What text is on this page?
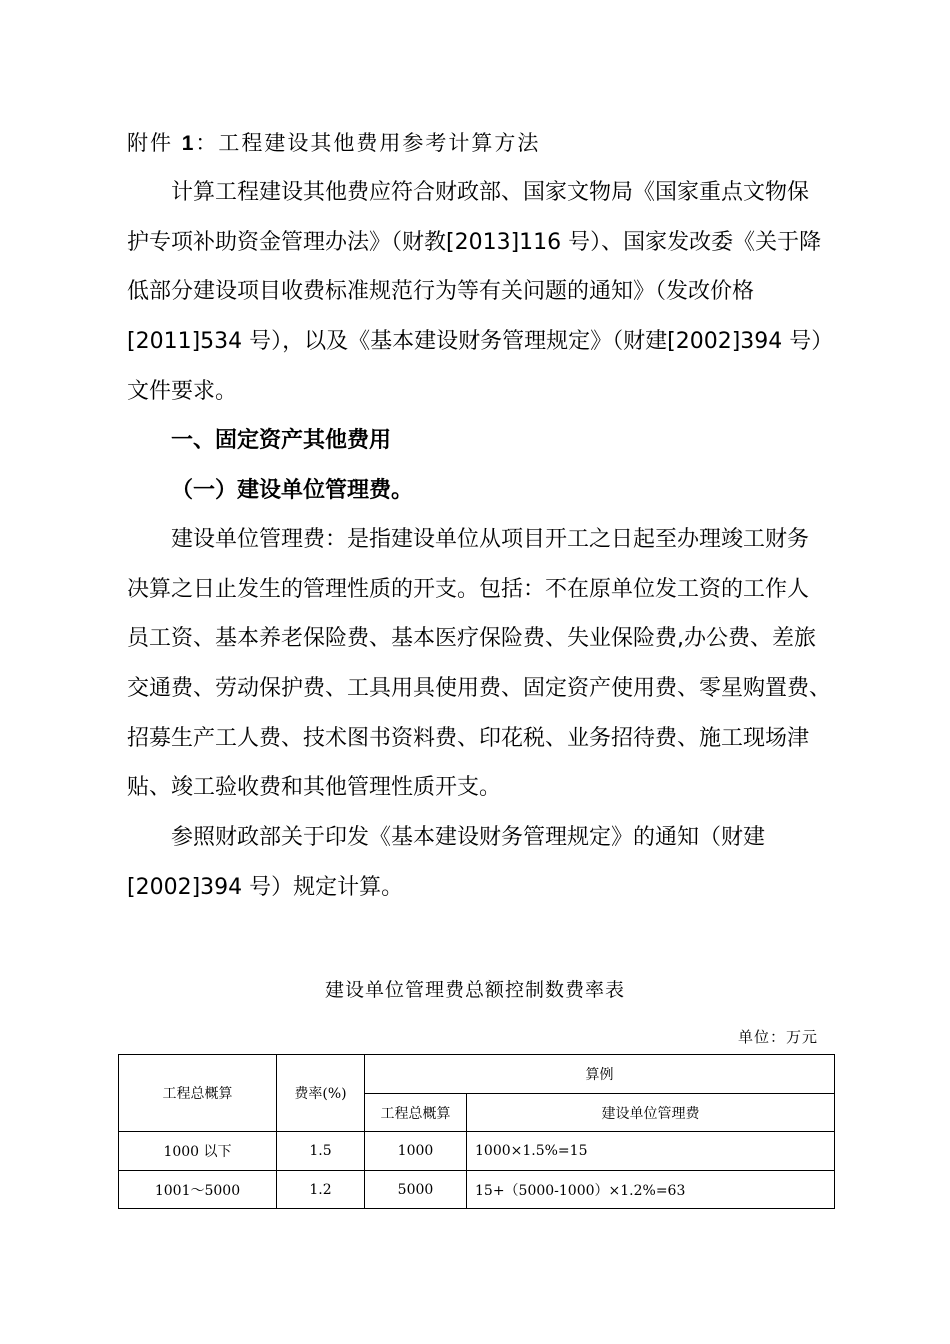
附件 1：工程建设其他费用参考计算方法
计算工程建设其他费应符合财政部、国家文物局《国家重点文物保
护专项补助资金管理办法》（财教[2013]116 号）、国家发改委《关于降
低部分建设项目收费标准规范行为等有关问题的通知》（发改价格
[2011]534 号），以及《基本建设财务管理规定》（财建[2002]394 号）
文件要求。
一、固定资产其他费用
（一）建设单位管理费。
建设单位管理费：是指建设单位从项目开工之日起至办理竣工财务
决算之日止发生的管理性质的开支。包括：不在原单位发工资的工作人
员工资、基本养老保险费、基本医疗保险费、失业保险费,办公费、差旅
交通费、劳动保护费、工具用具使用费、固定资产使用费、零星购置费、
招募生产工人费、技术图书资料费、印花税、业务招待费、施工现场津
贴、竣工验收费和其他管理性质开支。
参照财政部关于印发《基本建设财务管理规定》的通知（财建
[2002]394 号）规定计算。
建设单位管理费总额控制数费率表
单位：万元
工程总概算	费率(%)	算例	
		工程总概算	建设单位管理费
1000 以下	1.5	1000	1000×1.5%=15
1001～5000	1.2	5000	15+（5000-1000）×1.2%=63
